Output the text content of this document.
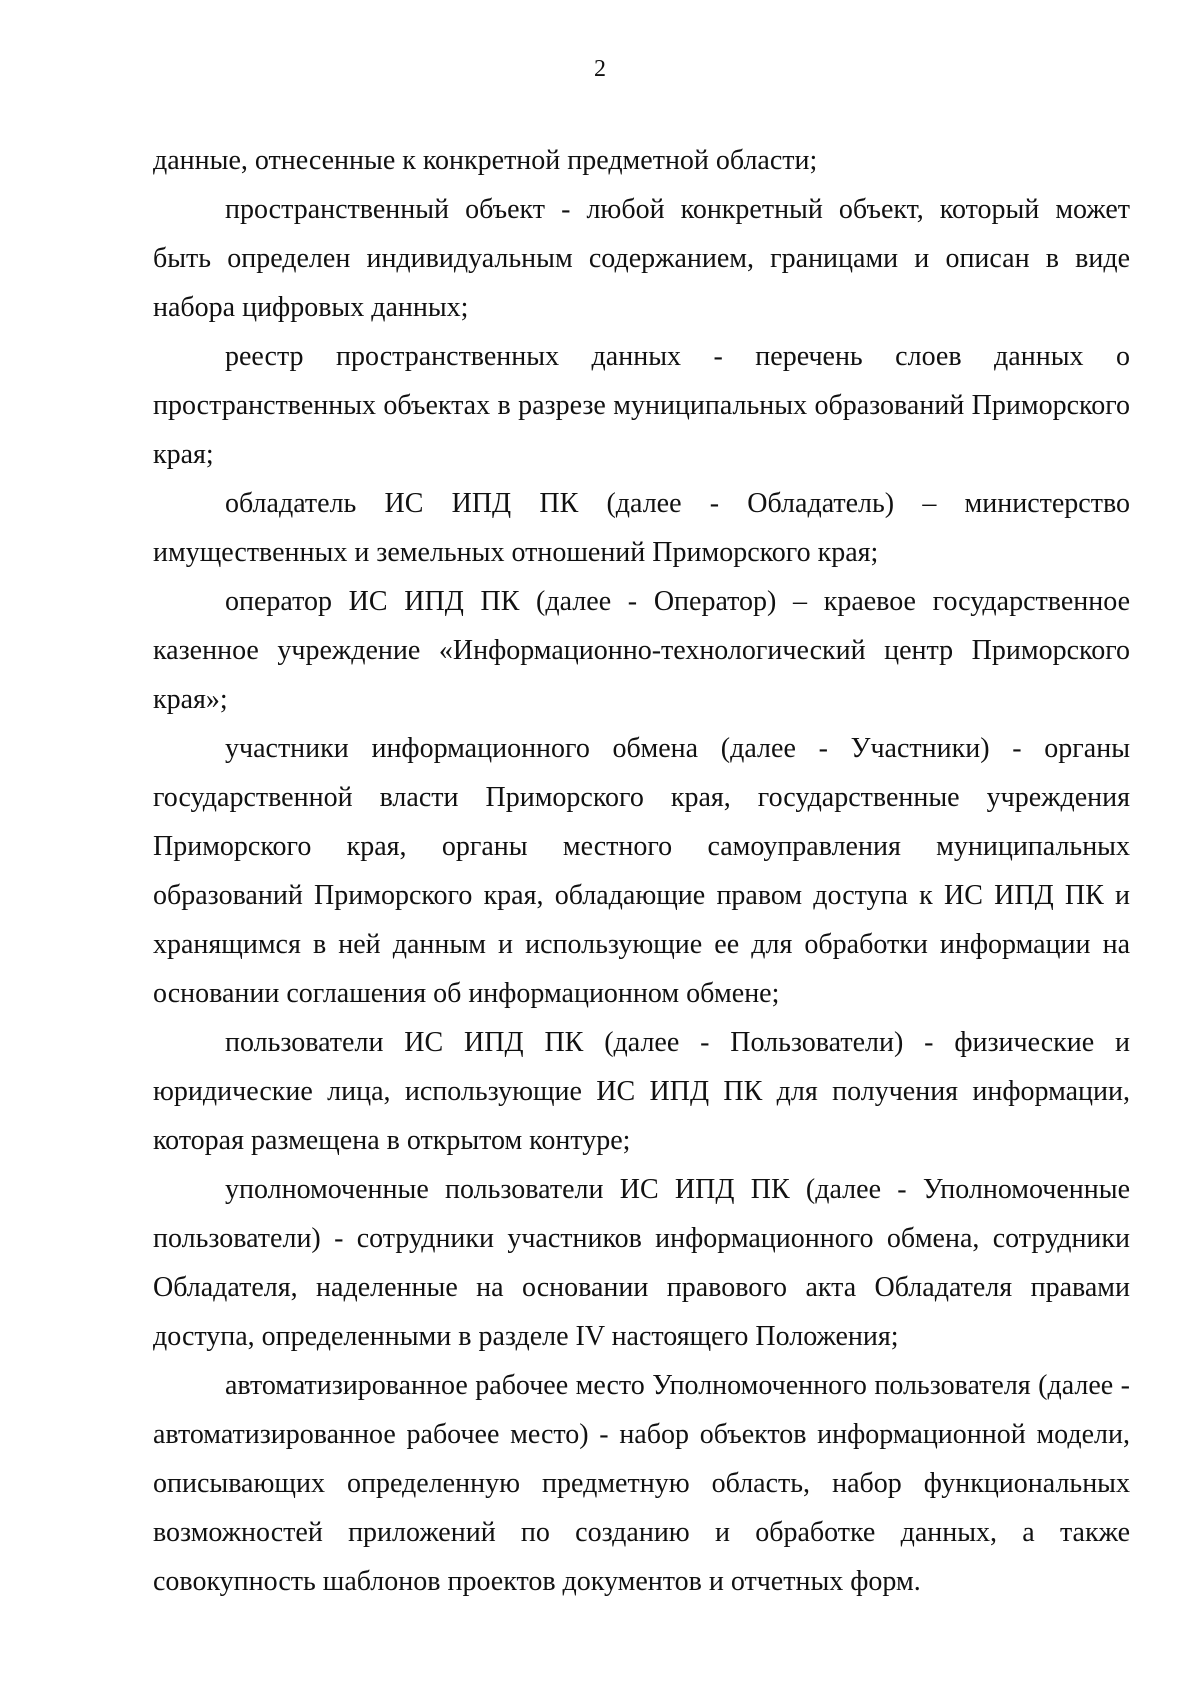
2

данные, отнесенные к конкретной предметной области;

пространственный объект - любой конкретный объект, который может быть определен индивидуальным содержанием, границами и описан в виде набора цифровых данных;

реестр пространственных данных - перечень слоев данных о пространственных объектах в разрезе муниципальных образований Приморского края;

обладатель ИС ИПД ПК (далее - Обладатель) – министерство имущественных и земельных отношений Приморского края;

оператор ИС ИПД ПК (далее - Оператор) – краевое государственное казенное учреждение «Информационно-технологический центр Приморского края»;

участники информационного обмена (далее - Участники) - органы государственной власти Приморского края, государственные учреждения Приморского края, органы местного самоуправления муниципальных образований Приморского края, обладающие правом доступа к ИС ИПД ПК и хранящимся в ней данным и использующие ее для обработки информации на основании соглашения об информационном обмене;

пользователи ИС ИПД ПК (далее - Пользователи) - физические и юридические лица, использующие ИС ИПД ПК для получения информации, которая размещена в открытом контуре;

уполномоченные пользователи ИС ИПД ПК (далее - Уполномоченные пользователи) - сотрудники участников информационного обмена, сотрудники Обладателя, наделенные на основании правового акта Обладателя правами доступа, определенными в разделе IV настоящего Положения;

автоматизированное рабочее место Уполномоченного пользователя (далее - автоматизированное рабочее место) - набор объектов информационной модели, описывающих определенную предметную область, набор функциональных возможностей приложений по созданию и обработке данных, а также совокупность шаблонов проектов документов и отчетных форм.
